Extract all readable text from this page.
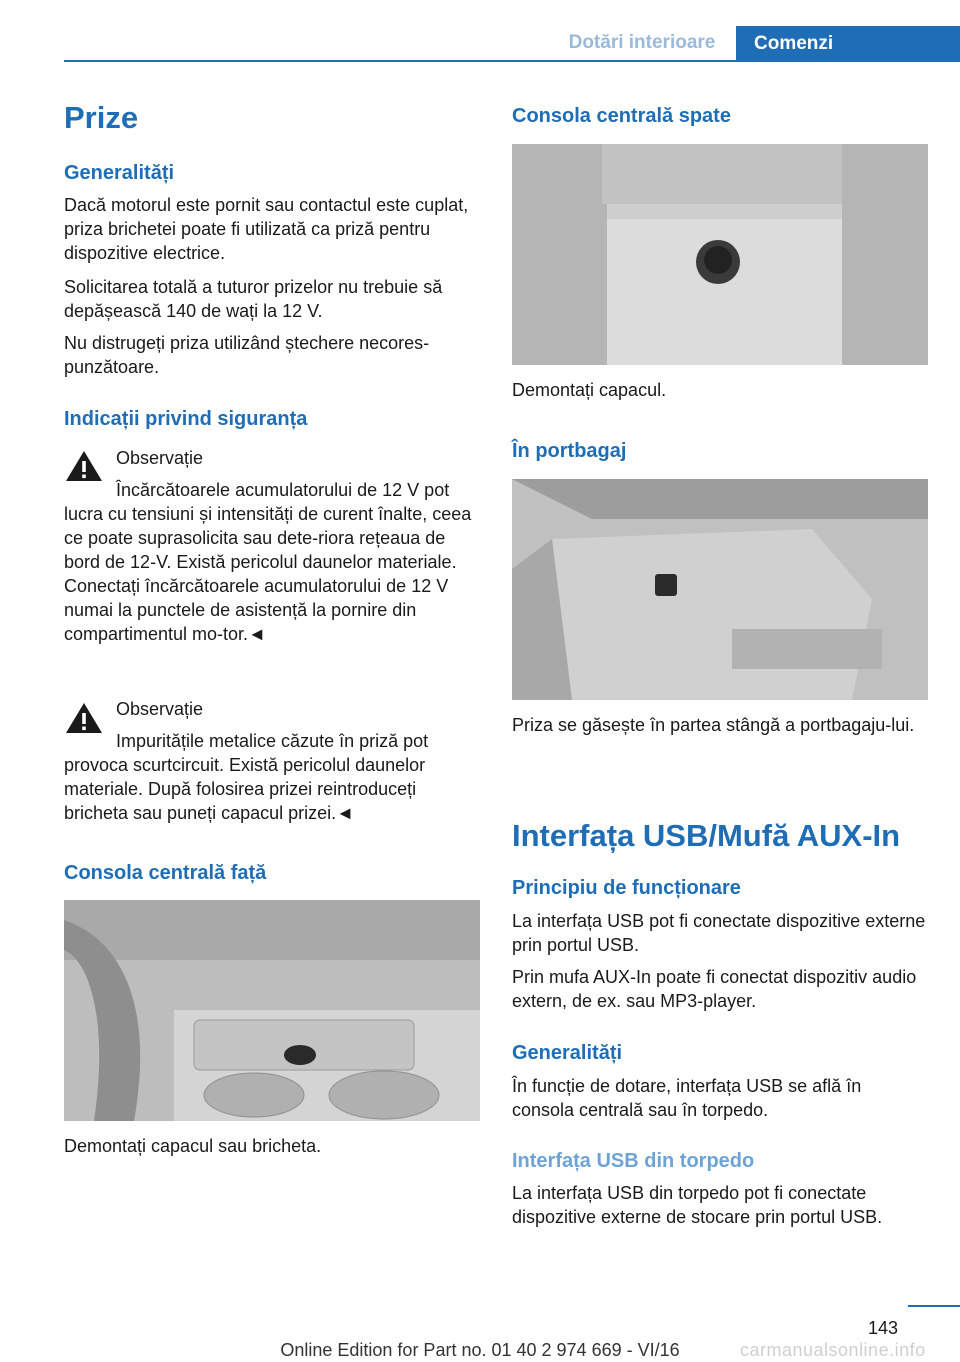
Dotări interioare	Comenzi
Prize
Generalități

Dacă motorul este pornit sau contactul este cuplat, priza brichetei poate fi utilizată ca priză pentru dispozitive electrice.

Solicitarea totală a tuturor prizelor nu trebuie să depășească 140 de wați la 12 V.

Nu distrugeți priza utilizând ștechere necores-punzătoare.

Indicații privind siguranța

Observație

Încărcătoarele acumulatorului de 12 V pot lucra cu tensiuni și intensități de curent înalte, ceea ce poate suprasolicita sau dete-riora rețeaua de bord de 12-V. Există pericolul daunelor materiale. Conectați încărcătoarele acumulatorului de 12 V numai la punctele de asistență la pornire din compartimentul mo-tor.◄

Observație

Impuritățile metalice căzute în priză pot provoca scurtcircuit. Există pericolul daunelor materiale. După folosirea prizei reintroduceți bricheta sau puneți capacul prizei.◄

Consola centrală față

Demontați capacul sau bricheta.

Consola centrală spate

Demontați capacul.

În portbagaj

Priza se găsește în partea stângă a portbagaju-lui.

Interfața USB/Mufă AUX-In
Principiu de funcționare

La interfața USB pot fi conectate dispozitive externe prin portul USB.

Prin mufa AUX-In poate fi conectat dispozitiv audio extern, de ex. sau MP3-player.

Generalități

În funcție de dotare, interfața USB se află în consola centrală sau în torpedo.

Interfața USB din torpedo

La interfața USB din torpedo pot fi conectate dispozitive externe de stocare prin portul USB.

143
Online Edition for Part no. 01 40 2 974 669 - VI/16	carmanualsonline.info
